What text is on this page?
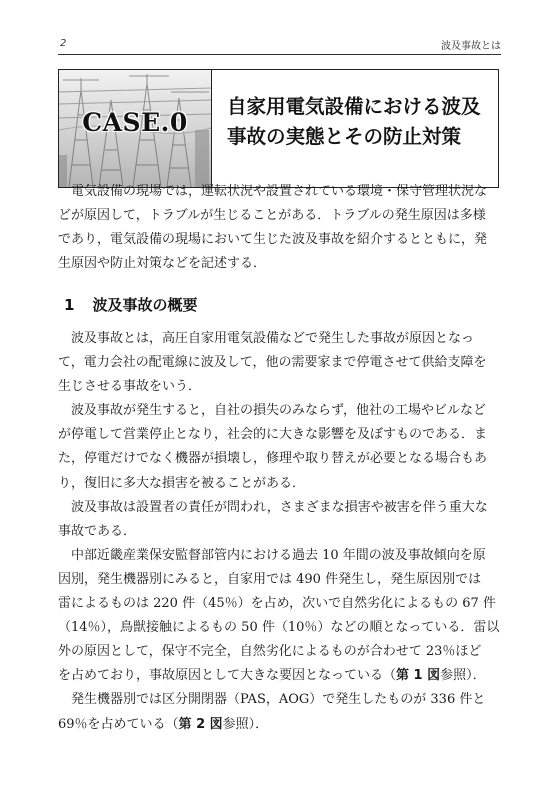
2	波及事故とは
CASE.0
自家用電気設備における波及
事故の実態とその防止対策

　電気設備の現場では，運転状況や設置されている環境・保守管理状況な
どが原因して，トラブルが生じることがある．トラブルの発生原因は多様
であり，電気設備の現場において生じた波及事故を紹介するとともに，発
生原因や防止対策などを記述する．

1 波及事故の概要

　波及事故とは，高圧自家用電気設備などで発生した事故が原因となっ
て，電力会社の配電線に波及して，他の需要家まで停電させて供給支障を
生じさせる事故をいう．

　波及事故が発生すると，自社の損失のみならず，他社の工場やビルなど
が停電して営業停止となり，社会的に大きな影響を及ぼすものである．ま
た，停電だけでなく機器が損壊し，修理や取り替えが必要となる場合もあ
り，復旧に多大な損害を被ることがある．

　波及事故は設置者の責任が問われ，さまざまな損害や被害を伴う重大な
事故である．

　中部近畿産業保安監督部管内における過去 10 年間の波及事故傾向を原
因別，発生機器別にみると，自家用では 490 件発生し，発生原因別では
雷によるものは 220 件（45％）を占め，次いで自然劣化によるもの 67 件
（14％），鳥獣接触によるもの 50 件（10％）などの順となっている．雷以
外の原因として，保守不完全，自然劣化によるものが合わせて 23％ほど
を占めており，事故原因として大きな要因となっている（第 1 図参照）．

　発生機器別では区分開閉器（PAS，AOG）で発生したものが 336 件と
69％を占めている（第 2 図参照）．
